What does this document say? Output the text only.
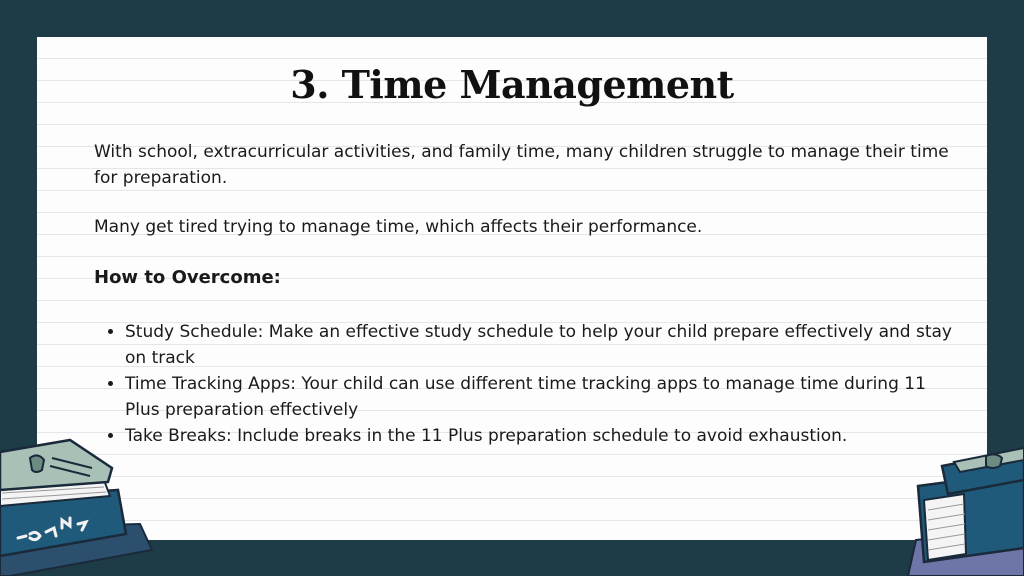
3. Time Management

With school, extracurricular activities, and family time, many children struggle to manage their time for preparation.

Many get tired trying to manage time, which affects their performance.

How to Overcome:
• Study Schedule: Make an effective study schedule to help your child prepare effectively and stay on track
• Time Tracking Apps: Your child can use different time tracking apps to manage time during 11 Plus preparation effectively
• Take Breaks: Include breaks in the 11 Plus preparation schedule to avoid exhaustion.
